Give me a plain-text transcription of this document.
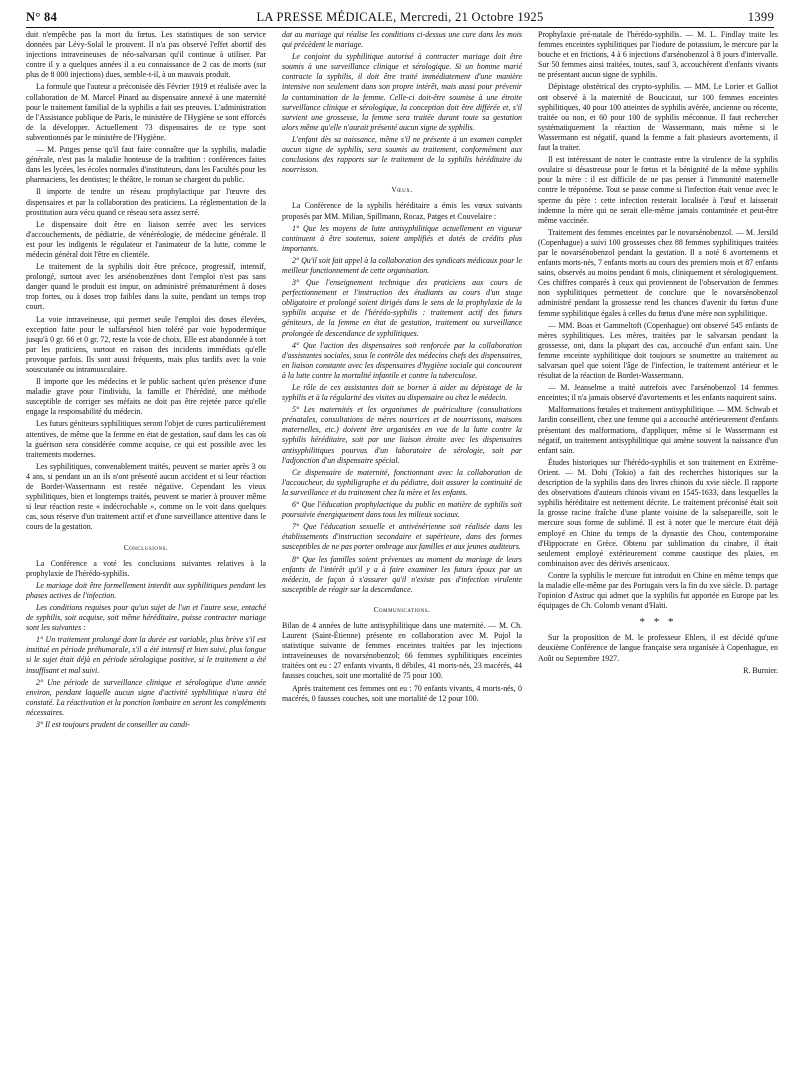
N° 84	LA PRESSE MÉDICALE, Mercredi, 21 Octobre 1925	1399

duit n'empêche pas la mort du fœtus. Les statistiques de son service données par Lévy-Solal le prouvent. Il n'a pas observé l'effet abortif des injections intraveineuses de néo-salvarsan qu'il continue à utiliser. Par contre il y a quelques années il a eu connaissance de 2 cas de morts (sur plus de 8 000 injections) dues, semble-t-il, à un mauvais produit.

La formule que l'auteur a préconisée dès Février 1919 et réalisée avec la collaboration de M. Marcel Pinard au dispensaire annexé à une maternité pour le traitement familial de la syphilis a fait ses preuves. L'administration de l'Assistance publique de Paris, le ministère de l'Hygiène se sont efforcés de la développer. Actuellement 73 dispensaires de ce type sont subventionnés par le ministère de l'Hygiène.

— M. Patges pense qu'il faut faire connaître que la syphilis, maladie générale, n'est pas la maladie honteuse de la tradition : conférences faites dans les lycées, les écoles normales d'instituteurs, dans les Facultés pour les pharmaciens, les dentistes; le théâtre, le roman se chargent du public.

Il importe de tendre un réseau prophylactique par l'œuvre des dispensaires et par la collaboration des praticiens. La réglementation de la prostitution aura vécu quand ce réseau sera assez serré.

Le dispensaire doit être en liaison serrée avec les services d'accouchements, de pédiatrie, de vénéréologie, de médecine générale. Il est pour les indigents le régulateur et l'animateur de la lutte, comme le médecin général doit l'être en clientèle.

Le traitement de la syphilis doit être précoce, progressif, intensif, prolongé, surtout avec les arsénobenzènes dont l'emploi n'est pas sans danger quand le produit est impur, on administré prématurément à doses trop fortes, ou à doses trop faibles dans la suite, pendant un temps trop court.

La voie intraveineuse, qui permet seule l'emploi des doses élevées, exception faite pour le sulfarsénol bien toléré par voie hypodermique jusqu'à 0 gr. 66 et 0 gr. 72, reste la voie de choix. Elle est abandonnée à tort par les praticiens, surtout en raison des incidents immédiats qu'elle provoque parfois. Ils sont aussi fréquents, mais plus tardifs avec la voie souscutanée ou intramusculaire.

Il importe que les médecins et le public sachent qu'en présence d'une maladie grave pour l'individu, la famille et l'hérédité, une méthode susceptible de corriger ses méfaits ne doit pas être rejetée parce qu'elle engage la responsabilité du médecin.

Les futurs géniteurs syphilitiques seront l'objet de cures particulièrement attentives, de même que la femme en état de gestation, sauf dans les cas où la guérison sera considérée comme acquise, ce qui est possible avec les traitements modernes.

Les syphilitiques, convenablement traités, peuvent se marier après 3 ou 4 ans, si pendant un an ils n'ont présenté aucun accident et si leur réaction de Bordet-Wassermann est restée négative. Cependant les vieux syphilitiques, bien et longtemps traités, peuvent se marier à prouver même si leur réaction reste « indécrochable », comme on le voit dans quelques cas, sous réserve d'un traitement actif et d'une surveillance attentive dans le cours de la gestation.

Conclusions.

La Conférence a voté les conclusions suivantes relatives à la prophylaxie de l'hérédo-syphilis.

Le mariage doit être formellement interdit aux syphilitiques pendant les phases actives de l'infection.

Les conditions requises pour qu'un sujet de l'un et l'autre sexe, entaché de syphilis, soit acquise, soit même héréditaire, puisse contracter mariage sont les suivantes :

1° Un traitement prolongé dont la durée est variable, plus brève s'il est institué en période préhumorale, s'il a été intensif et bien suivi, plus longue si le sujet était déjà en période sérologique positive, si le traitement a été insuffisant et mal suivi.

2° Une période de surveillance clinique et sérologique d'une année environ, pendant laquelle aucun signe d'activité syphilitique n'aura été constaté. La réactivation et la ponction lombaire en seront les compléments nécessaires.

3° Il est toujours prudent de conseiller au candi-

dat au mariage qui réalise les conditions ci-dessus une cure dans les mois qui précèdent le mariage.

Le conjoint du syphilitique autorisé à contracter mariage doit être soumis à une surveillance clinique et sérologique. Si un homme marié contracte la syphilis, il doit être traité immédiatement d'une manière intensive non seulement dans son propre intérêt, mais aussi pour prévenir la contamination de la femme. Celle-ci doit-être soumise à une étroite surveillance clinique et sérologique, la conception doit être différée et, s'il survient une grossesse, la femme sera traitée durant toute sa gestation alors même qu'elle n'aurait présenté aucun signe de syphilis.

L'enfant dès sa naissance, même s'il ne présente à un examen complet aucun signe de syphilis, sera soumis au traitement, conformément aux conclusions des rapports sur le traitement de la syphilis héréditaire du nourrisson.

Vœux.

La Conférence de la syphilis héréditaire a émis les vœux suivants proposés par MM. Milian, Spillmann, Rocaz, Patges et Couvelaire :

1° Que les moyens de lutte antisyphilitique actuellement en vigueur continuent à être soutenus, soient amplifiés et dotés de crédits plus importants.

2° Qu'il soit fait appel à la collaboration des syndicats médicaux pour le meilleur fonctionnement de cette organisation.

3° Que l'enseignement technique des praticiens aux cours de perfectionnement et l'instruction des étudiants au cours d'un stage obligatoire et prolongé soient dirigés dans le sens de la prophylaxie de la syphilis acquise et de l'hérédo-syphilis : traitement actif des futurs géniteurs, de la femme en état de gestation, traitement ou surveillance prolongée de descendance de syphilitiques.

4° Que l'action des dispensaires soit renforcée par la collaboration d'assistantes sociales, sous le contrôle des médecins chefs des dispensaires, en liaison constante avec les dispensaires d'hygiène sociale qui concourent à la lutte contre la mortalité infantile et contre la tuberculose.

Le rôle de ces assistantes doit se borner à aider au dépistage de la syphilis et à la régularité des visites au dispensaire ou chez le médecin.

5° Les maternités et les organismes de puériculture (consultations prénatales, consultations de mères nourrices et de nourrissons, maisons maternelles, etc.) doivent être organisées en vue de la lutte contre la syphilis héréditaire, soit par une liaison étroite avec les dispensaires antisyphilitiques pourvus d'un laboratoire de sérologie, soit par l'adjonction d'un dispensaire spécial.

Ce dispensaire de maternité, fonctionnant avec la collaboration de l'accoucheur, du syphiligraphe et du pédiatre, doit assurer la continuité de la surveillance et du traitement chez la mère et les enfants.

6° Que l'éducation prophylactique du public en matière de syphilis soit poursuivie énergiquement dans tous les milieux sociaux.

7° Que l'éducation sexuelle et antivénérienne soit réalisée dans les établissements d'instruction secondaire et supérieure, dans des formes susceptibles de ne pas porter ombrage aux familles et aux jeunes auditeurs.

8° Que les familles soient prévenues au moment du mariage de leurs enfants de l'intérêt qu'il y a à faire examiner les futurs époux par un médecin, de façon à s'assurer qu'il n'existe pas d'infection virulente susceptible de réagir sur la descendance.

Communications.

Bilan de 4 années de lutte antisyphilitique dans une maternité. — M. Ch. Laurent (Saint-Étienne) présente en collaboration avec M. Pujol la statistique suivante de femmes enceintes traitées par les injections intraveineuses de novarsénobenzol; 66 femmes syphilitiques enceintes traitées ont eu : 27 enfants vivants, 8 débiles, 41 morts-nés, 23 macérés, 44 fausses couches, soit une mortalité de 75 pour 100.

Après traitement ces femmes ont eu : 70 enfants vivants, 4 morts-nés, 0 macérés, 0 fausses couches, soit une mortalité de 12 pour 100.

Prophylaxie pré-natale de l'hérédo-syphilis. — M. L. Findlay traite les femmes enceintes syphilitiques par l'iodure de potassium, le mercure par la bouche et en frictions, 4 à 6 injections d'arsénobenzol à 8 jours d'intervalle. Sur 50 femmes ainsi traitées, toutes, sauf 3, accouchèrent d'enfants vivants ne présentant aucun signe de syphilis.

Dépistage obstétrical des crypto-syphilis. — MM. Le Lorier et Galliot ont observé à la maternité de Boucicaut, sur 100 femmes enceintes syphilitiques, 40 pour 100 atteintes de syphilis avérée, ancienne ou récente, traitée ou non, et 60 pour 100 de syphilis méconnue. Il faut rechercher systématiquement la réaction de Wassermann, mais même si le Wassermann est négatif, quand la femme a fait plusieurs avortements, il faut la traiter.

Il est intéressant de noter le contraste entre la virulence de la syphilis ovulaire si désastreuse pour le fœtus et la bénignité de la même syphilis pour la mère : il est difficile de ne pas penser à l'immunité maternelle contre le tréponème. Tout se passe comme si l'infection était venue avec le sperme du père : cette infection resterait localisée à l'œuf et laisserait indemne la mère qui ne serait elle-même jamais contaminée et peut-être même vaccinée.

Traitement des femmes enceintes par le novarsénobenzol. — M. Jersild (Copenhague) a suivi 100 grossesses chez 88 femmes syphilitiques traitées par le novarsénobenzol pendant la gestation. Il a noté 6 avortements et enfants morts-nés, 7 enfants morts au cours des premiers mois et 87 enfants sains, observés au moins pendant 6 mois, cliniquement et sérologiquement. Ces chiffres comparés à ceux qui proviennent de l'observation de femmes non syphilitiques permettent de conclure que le novarsénobenzol administré pendant la grossesse rend les chances d'avenir du fœtus d'une femme syphilitique égales à celles du fœtus d'une mère non syphilitique.

— MM. Boas et Gammeltoft (Copenhague) ont observé 545 enfants de mères syphilitiques. Les mères, traitées par le salvarsan pendant la grossesse, ont, dans la plupart des cas, accouché d'un enfant sain. Une femme enceinte syphilitique doit toujours se soumettre au traitement au salvarsan quel que soient l'âge de l'infection, le traitement antérieur et le résultat de la réaction de Bordet-Wassermann.

— M. Jeanselme a traité autrefois avec l'arsénobenzol 14 femmes enceintes; il n'a jamais observé d'avortements et les enfants naquirent sains.

Malformations fœtales et traitement antisyphilitique. — MM. Schwab et Jardin conseillent, chez une femme qui a accouché antérieurement d'enfants présentant des malformations, d'appliquer, même si le Wassermann est négatif, un traitement antisyphilitique qui amène souvent la naissance d'un enfant sain.

Études historiques sur l'hérédo-syphilis et son traitement en Extrême-Orient. — M. Dohi (Tokio) a fait des recherches historiques sur la description de la syphilis dans des livres chinois du xvie siècle. Il rapporte des observations d'auteurs chinois vivant en 1545-1633, dans lesquelles la syphilis héréditaire est nettement décrite. Le traitement préconisé était soit la grosse racine fraîche d'une plante voisine de la salsepareille, soit le mercure sous forme de sublimé. Il est à noter que le mercure était déjà employé en Chine du temps de la dynastie des Chou, contemporaine d'Hippocrate en Grèce. Obtenu par sublimation du cinabre, il était seulement employé extérieurement comme caustique des plaies, en combinaison avec des dérivés arsenicaux.

Contre la syphilis le mercure fut introduit en Chine en même temps que la maladie elle-même par des Portugais vers la fin du xve siècle. D. partage l'opinion d'Astruc qui admet que la syphilis fut apportée en Europe par les équipages de Ch. Colomb venant d'Haïti.

* * *

Sur la proposition de M. le professeur Ehlers, il est décidé qu'une deuxième Conférence de langue française sera organisée à Copenhague, en Août ou Septembre 1927.

R. Burnier.
